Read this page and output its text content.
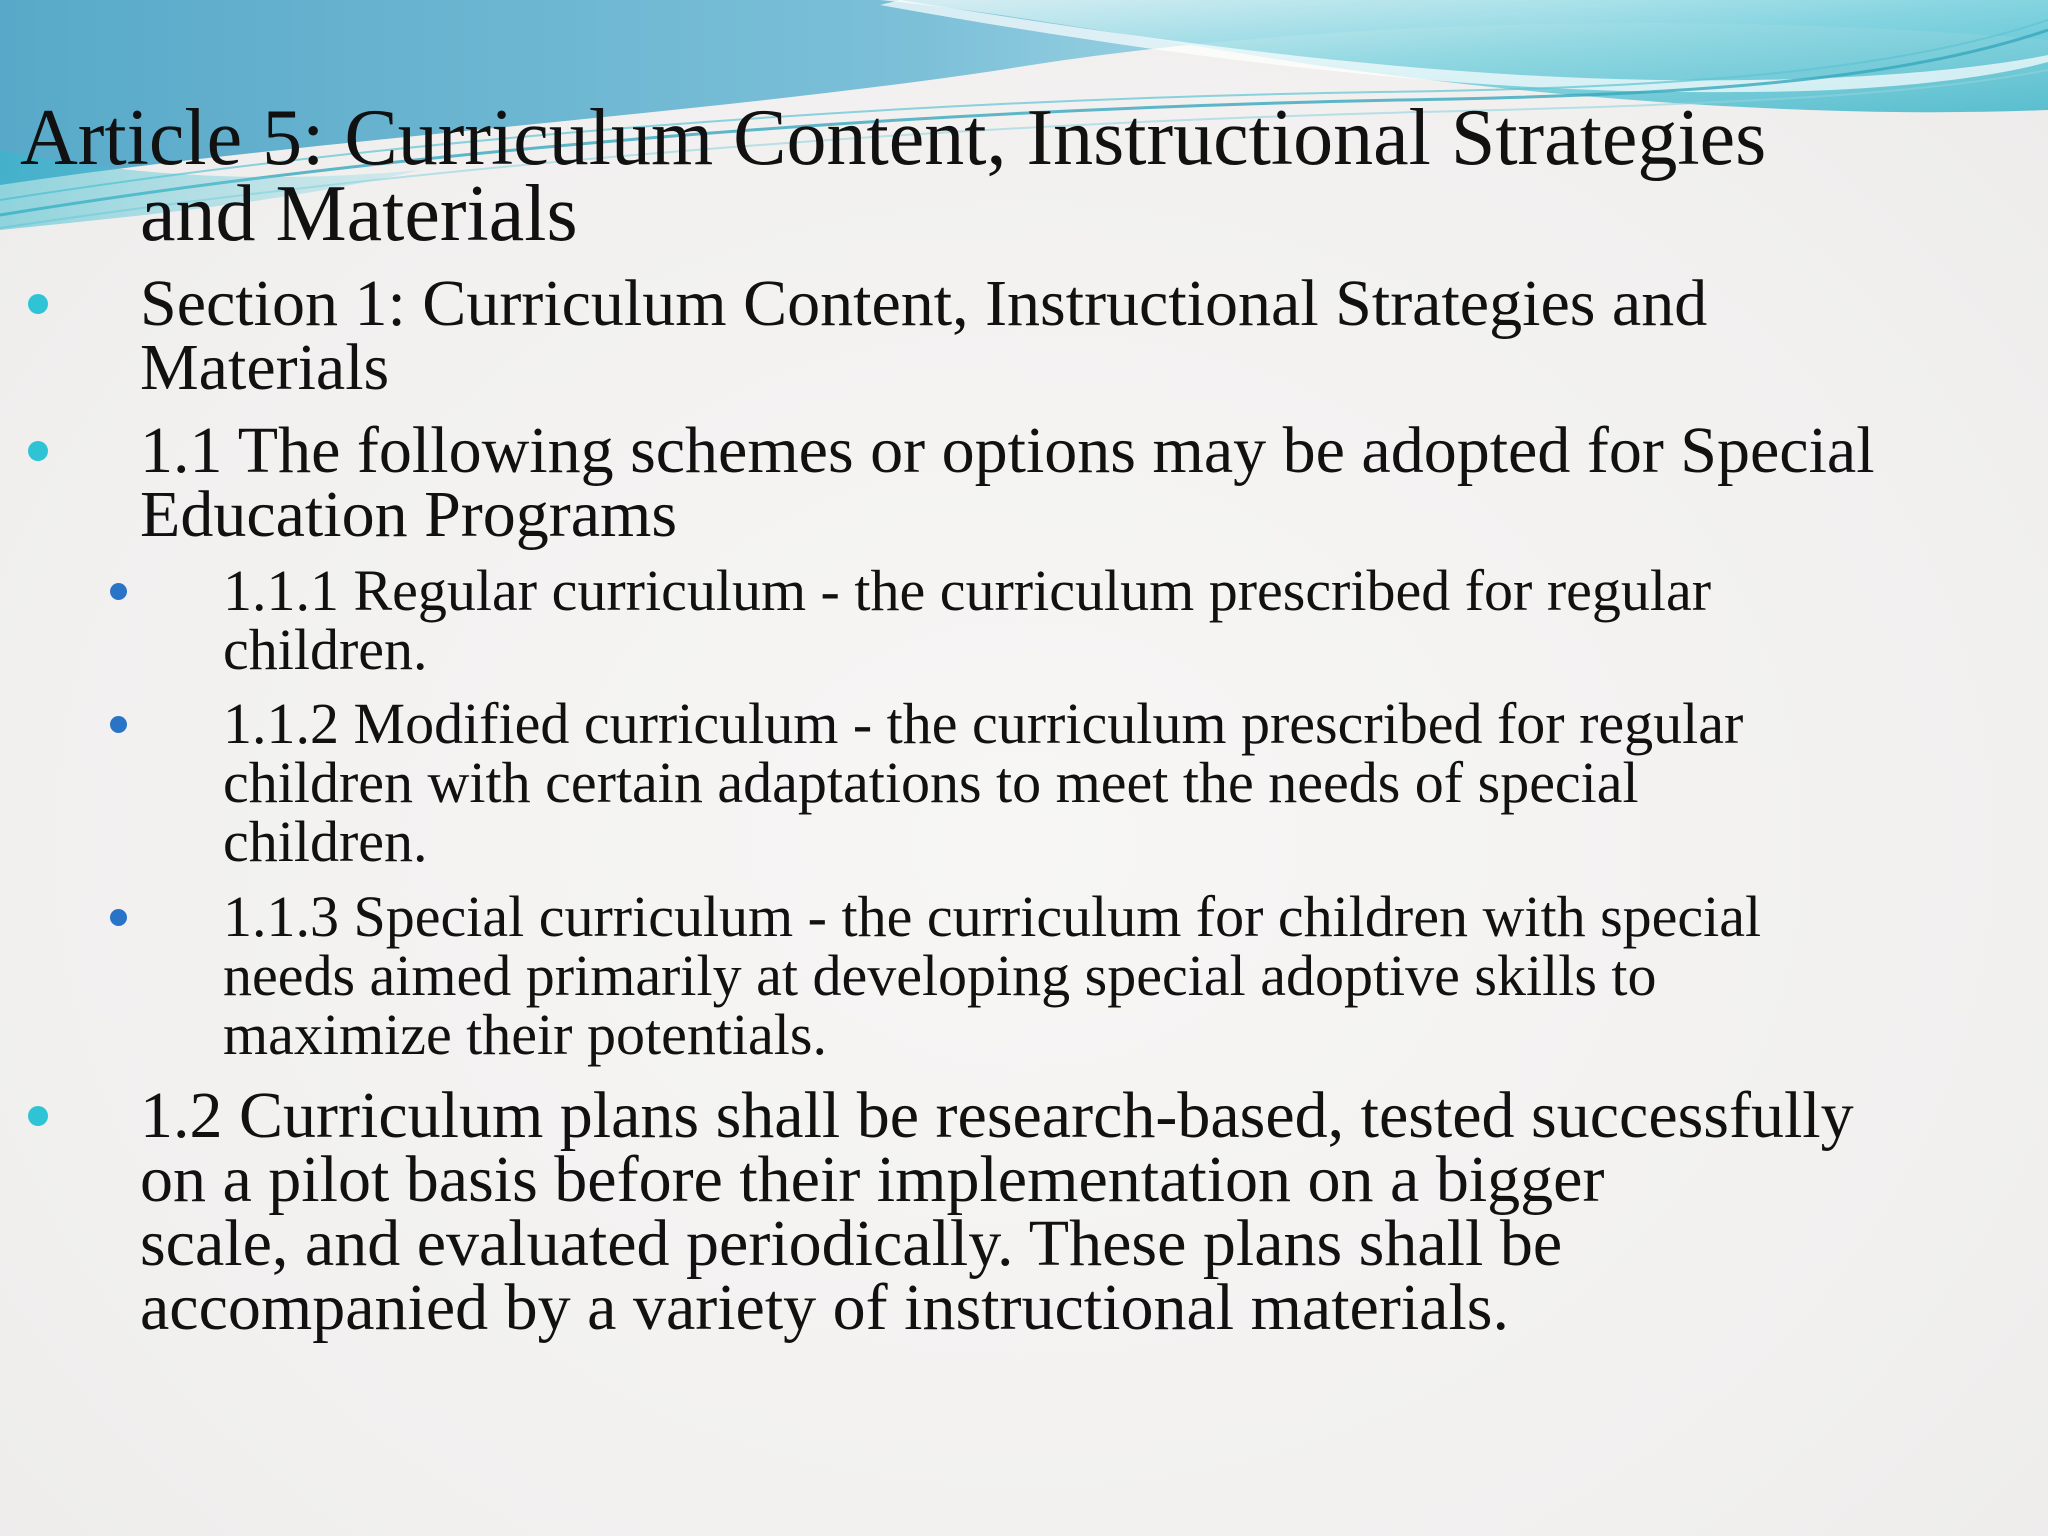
Article 5: Curriculum Content, Instructional Strategies
and Materials
Section 1: Curriculum Content, Instructional Strategies and
Materials
1.1 The following schemes or options may be adopted for Special
Education Programs
1.1.1 Regular curriculum - the curriculum prescribed for regular
children.
1.1.2 Modified curriculum - the curriculum prescribed for regular
children with certain adaptations to meet the needs of special
children.
1.1.3 Special curriculum - the curriculum for children with special
needs aimed primarily at developing special adoptive skills to
maximize their potentials.
1.2 Curriculum plans shall be research-based, tested successfully
on a pilot basis before their implementation on a bigger
scale, and evaluated periodically. These plans shall be
accompanied by a variety of instructional materials.
